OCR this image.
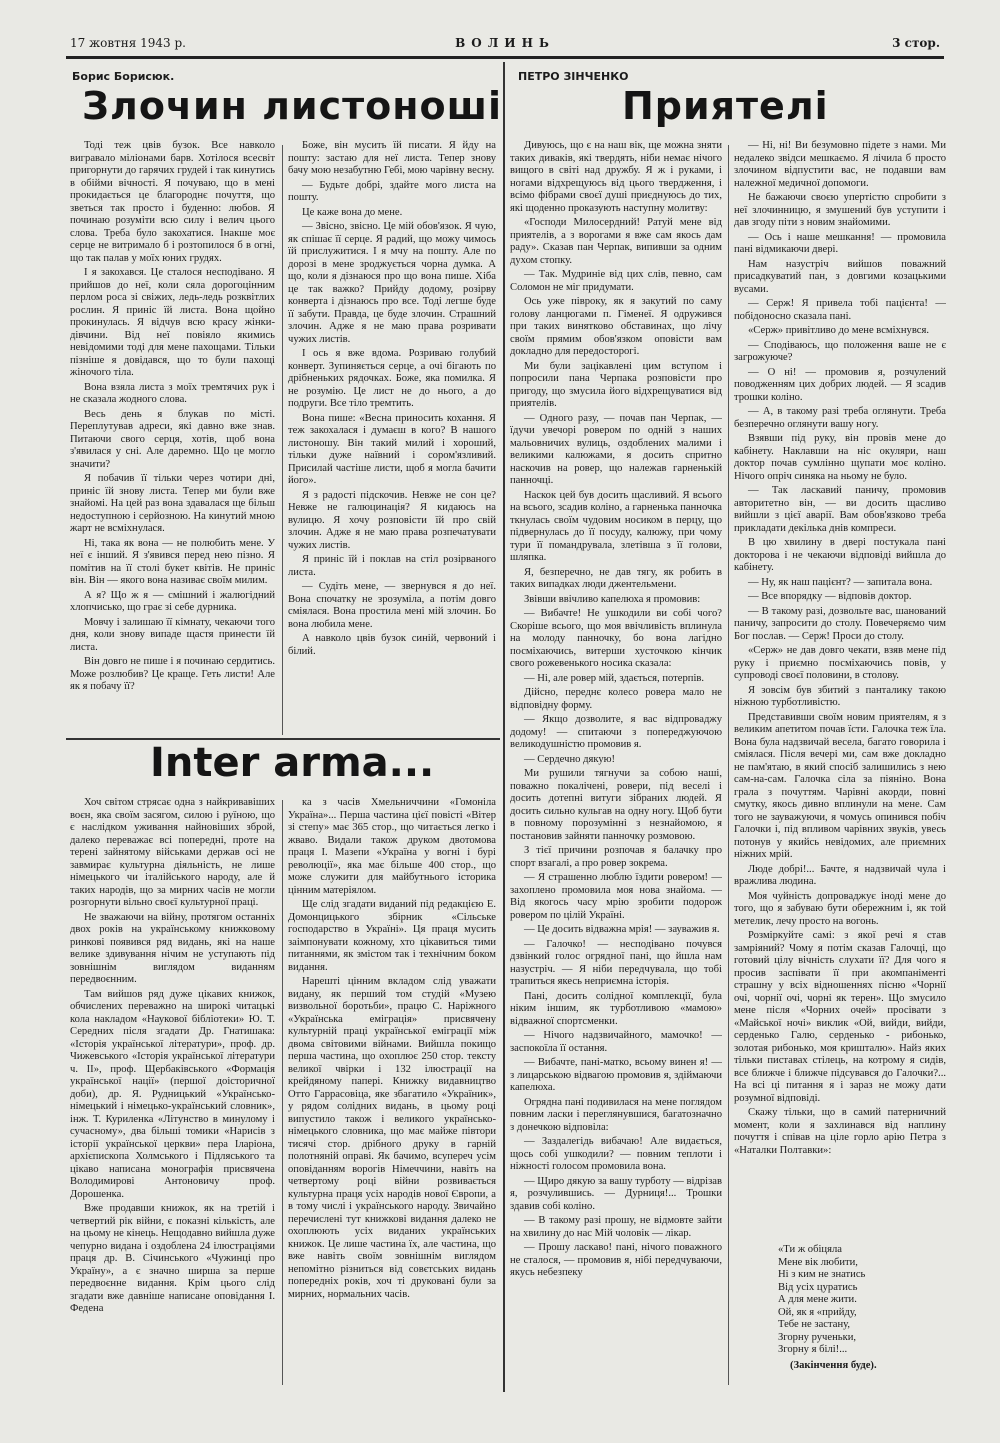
17 жовтня 1943 р.	ВОЛИНЬ	3 стор.
Борис Борисюк.
Злочин листоноші

Тоді теж цвів бузок. Все навколо вигравало міліонами барв. Хотілося всесвіт пригорнути до гарячих грудей і так кинутись в обійми вічності. Я почуваю, що в мені прокидається це благороднє почуття, що зветься так просто і буденно: любов. Я починаю розуміти всю силу і велич цього слова. Треба було закохатися. Інакше моє серце не витримало б і розтопилося б в огні, що так палав у моїх юних грудях.

І я закохався. Це сталося несподівано. Я прийшов до неї, коли сяла дорогоцінним перлом роса зі свіжих, ледь-ледь розквітлих рослин. Я приніс їй листа. Вона щойно прокинулась. Я відчув всю красу жінки-дівчини. Від неї повіяло якимись невідомими тоді для мене пахощами. Тільки пізніше я довідався, що то були пахощі жіночого тіла.

Вона взяла листа з моїх тремтячих рук і не сказала жодного слова.

Весь день я блукав по місті. Переплутував адреси, які давно вже знав. Питаючи свого серця, хотів, щоб вона з'явилася у сні. Але даремно. Що це могло значити?

Я побачив її тільки через чотири дні, приніс їй знову листа. Тепер ми були вже знайомі. На цей раз вона здавалася ще більш недоступною і серйозною. На кинутий мною жарт не всміхнулася.

Ні, така як вона — не полюбить мене. У неї є інший. Я з'явився перед нею пізно. Я помітив на її столі букет квітів. Не приніс він. Він — якого вона називає своїм милим.

А я? Що ж я — смішний і жалюгідний хлопчисько, що грає зі себе дурника.

Мовчу і залишаю її кімнату, чекаючи того дня, коли знову випаде щастя принести їй листа.

Він довго не пише і я починаю сердитись. Може розлюбив? Це краще. Геть листи! Але як я побачу її?

Боже, він мусить їй писати. Я йду на пошту: застаю для неї листа. Тепер знову бачу мою незабутню Гебі, мою чарівну весну.

— Будьте добрі, здайте мого листа на пошту.

Це каже вона до мене.

— Звісно, звісно. Це мій обов'язок. Я чую, як спішає її серце. Я радий, що можу чимось їй прислужитися. І я мчу на пошту. Але по дорозі в мене зроджується чорна думка. А що, коли я дізнаюся про що вона пише. Хіба це так важко? Прийду додому, розірву конверта і дізнаюсь про все. Тоді легше буде її забути. Правда, це буде злочин. Страшний злочин. Адже я не маю права розривати чужих листів.

І ось я вже вдома. Розриваю голубий конверт. Зупиняється серце, а очі бігають по дрібненьких рядочках. Боже, яка помилка. Я не розумію. Це лист не до нього, а до подруги. Все тіло тремтить.

Вона пише: «Весна приносить кохання. Я теж закохалася і думаєш в кого? В нашого листоношу. Він такий милий і хороший, тільки дуже наївний і сором'язливий. Присилай частіше листи, щоб я могла бачити його».

Я з радості підскочив. Невже не сон це? Невже не галюцинація? Я кидаюсь на вулицю. Я хочу розповісти їй про свій злочин. Адже я не маю права розпечатувати чужих листів.

Я приніс їй і поклав на стіл розірваного листа.

— Судіть мене, — звернувся я до неї. Вона спочатку не зрозуміла, а потім довго сміялася. Вона простила мені мій злочин. Бо вона любила мене.

А навколо цвів бузок синій, червоний і білий.

Inter arma...

Хоч світом стрясає одна з найкривавіших воєн, яка своїм засягом, силою і руїною, що є наслідком уживання найновіших зброй, далеко переважає всі попередні, проте на терені зайнятому військами держав осі не завмирає культурна діяльність, не лише німецького чи італійського народу, але й таких народів, що за мирних часів не могли розгорнути вільно своєї культурної праці.

Не зважаючи на війну, протягом останніх двох років на українському книжковому ринкові появився ряд видань, які на наше велике здивування нічим не уступають під зовнішнім виглядом виданням передвоєнним.

Там вийшов ряд дуже цікавих книжок, обчислених переважно на широкі читацькі кола накладом «Наукової бібліотеки» Ю. Т. Середних після згадати Др. Гнатишака: «Історія української літератури», проф. др. Чижевського «Історія української літератури ч. ІІ», проф. Щербаківського «Формація української нації» (першої доісторичної доби), др. Я. Рудницький «Українсько-німецький і німецько-український словник», інж. Т. Куриленка «Літунство в минулому і сучасному», два більші томики «Нарисів з історії української церкви» пера Іларіона, архієпископа Холмського і Підляського та цікаво написана монографія присвячена Володимирові Антоновичу проф. Дорошенка.

Вже продавши книжок, як на третій і четвертий рік війни, є показні кількість, але на цьому не кінець. Нещодавно вийшла дуже чепурно видана і оздоблена 24 ілюстраціями праця др. В. Січинського «Чужинці про Україну», а є значно ширша за перше передвоєнне видання. Крім цього слід згадати вже давніше написане оповідання І. Федена

ка з часів Хмельниччини «Гомоніла Україна»... Перша частина цієї повісті «Вітер зі степу» має 365 стор., що читається легко і жваво. Видали також друком двотомова праця І. Мазепи «Україна у вогні і бурі революції», яка має більше 400 стор., що може служити для майбутнього історика цінним матеріялом.

Ще слід згадати виданий під редакцією Е. Домонцицького збірник «Сільське господарство в Україні». Ця праця мусить заімпонувати кожному, хто цікавиться тими питаннями, як змістом так і технічним боком видання.

Нарешті цінним вкладом слід уважати видану, як перший том студій «Музею визвольної боротьби», працю С. Наріжного «Українська еміграція» присвячену культурній праці української еміграції між двома світовими війнами. Вийшла покищо перша частина, що охоплює 250 стор. тексту великої чвірки і 132 ілюстрації на крейдяному папері. Книжку видавництво Отто Гаррасовіца, яке збагатило «Україник», у рядом солідних видань, в цьому році випустило також і великого українсько-німецького словника, що має майже півтори тисячі стор. дрібного друку в гарній полотняній оправі. Як бачимо, всупереч усім оповіданням ворогів Німеччини, навіть на четвертому році війни розвивається культурна праця усіх народів нової Європи, а в тому числі і українського народу. Звичайно перечислені тут книжкові видання далеко не охоплюють усіх виданих українських книжок. Це лише частина їх, але частина, що вже навіть своїм зовнішнім виглядом непомітно різниться від совєтських видань попередніх років, хоч ті друковані були за мирних, нормальних часів.

ПЕТРО ЗІНЧЕНКО
Приятелі

Дивуюсь, що є на наш вік, ще можна зняти таких диваків, які твердять, ніби немає нічого вищого в світі над дружбу. Я ж і руками, і ногами відхрещуюсь від цього твердження, і всімо фібрами своєї душі приєднуюсь до тих, які щоденно проказують наступну молитву:

«Господи Милосердний! Ратуй мене від приятелів, а з ворогами я вже сам якось дам раду». Сказав пан Черпак, випивши за одним духом стопку.

— Так. Мудриніе від цих слів, певно, сам Соломон не міг придумати.

Ось уже півроку, як я закутий по саму голову ланцюгами п. Гіменеї. Я одружився при таких винятково обставинах, що лічу своїм прямим обов'язком оповісти вам докладно для передосторогі.

Ми були зацікавлені цим вступом і попросили пана Черпака розповісти про пригоду, що змусила його відхрещуватися від приятелів.

— Одного разу, — почав пан Черпак, — їдучи увечорі ровером по одній з наших мальовничих вулиць, оздоблених малими і великими калюжами, я досить спритно наскочив на ровер, що належав гарненькій панночці.

Наскок цей був досить щасливий. Я всього на всього, зсадив коліно, а гарненька панночка ткнулась своїм чудовим носиком в перцу, що підвернулась до її посуду, калюжу, при чому тури її помандрувала, злетівша з її голови, шляпка.

Я, безперечно, не дав тягу, як робить в таких випадках люди джентельмени.

Звівши ввічливо капелюха я промовив:

— Вибачте! Не ушкодили ви собі чого? Скоріше всього, що моя ввічливість вплинула на молоду панночку, бо вона лагідно посміхаючись, витерши хусточкою кінчик свого рожевенького носика сказала:

— Ні, але ровер мій, здається, потерпів.

Дійсно, переднє колесо ровера мало не відповідну форму.

— Якщо дозволите, я вас відпроваджу додому! — спитаючи з попереджуючою великодушністю промовив я.

— Сердечно дякую!

Ми рушили тягнучи за собою наші, поважно покалічені, ровери, під веселі і досить дотепні витуги зібраних людей. Я досить сильно кульгав на одну ногу. Щоб бути в повному порозумінні з незнайомою, я постановив зайняти панночку розмовою.

З тієї причини розпочав я балачку про спорт взагалі, а про ровер зокрема.

— Я страшенно люблю їздити ровером! — захоплено промовила моя нова знайома. — Від якогось часу мрію зробити подорож ровером по цілій Україні.

— Це досить відважна мрія! — зауважив я.

— Галочко! — несподівано почувся дзвінкий голос огрядної пані, що йшла нам назустріч. — Я ніби передчувала, що тобі трапиться якесь неприємна історія.

Пані, досить солідної комплекції, була ніким іншим, як турботливою «мамою» відважної спортсменки.

— Нічого надзвичайного, мамочко! — заспокоїла її остання.

— Вибачте, пані-матко, всьому винен я! — з лицарською відвагою промовив я, здіймаючи капелюха.

Огрядна пані подивилася на мене поглядом повним ласки і переглянувшися, багатозначно з донечкою відповіла:

— Заздалегідь вибачаю! Але видається, щось собі ушкодили? — повним теплоти і ніжності голосом промовила вона.

— Щиро дякую за вашу турботу — відрізав я, розчулившись. — Дурниця!... Трошки здавив собі коліно.

— В такому разі прошу, не відмовте зайти на хвилину до нас Мій чоловік — лікар.

— Прошу ласкаво! пані, нічого поважного не сталося, — промовив я, нібі передчуваючи, якусь небезпеку

— Ні, ні! Ви безумовно підете з нами. Ми недалеко звідси мешкаємо. Я лічила б просто злочином відпустити вас, не подавши вам належної медичної допомоги.

Не бажаючи своєю упертістю спробити з неї злочинницю, я змушений був уступити і дав згоду піти з новим знайомими.

— Ось і наше мешкання! — промовила пані відмикаючи двері.

Нам назустріч вийшов поважний присадкуватий пан, з довгими козацькими вусами.

— Серж! Я привела тобі пацієнта! — побідоносно сказала пані.

«Серж» привітливо до мене всміхнувся.

— Сподіваюсь, що положення вашe не є загрожуюче?

— О ні! — промовив я, розчулений поводженням цих добрих людей. — Я зсадив трошки коліно.

— А, в такому разі треба оглянути. Треба безперечно оглянути вашу ногу.

Взявши під руку, він провів мене до кабінету. Наклавши на ніс окуляри, наш доктор почав сумлінно щупати моє коліно. Нічого опріч синяка на ньому не було.

— Так ласкавий паничу, промовив авторитетно він, — ви досить щасливо вийшли з цієї аварії. Вам обов'язково треба прикладати декілька днів компреси.

В цю хвилину в двері постукала пані докторова і не чекаючи відповіді вийшла до кабінету.

— Ну, як наш пацієнт? — запитала вона.

— Все впорядку — відповів доктор.

— В такому разі, дозвольте вас, шанований паничу, запросити до столу. Повечеряємо чим Бог послав. — Серж! Проси до столу.

«Серж» не дав довго чекати, взяв мене під руку і приємно посміхаючись повів, у супроводі своєї половини, в столову.

Я зовсім був збитий з панталику такою ніжною турботливістю.

Представивши своїм новим приятелям, я з великим апетитом почав їсти. Галочка теж їла. Вона була надзвичай весела, багато говорила і сміялася. Після вечері ми, сам вже докладно не пам'ятаю, в який спосіб залишились з нею сам-на-сам. Галочка сіла за піяніно. Вона грала з почуттям. Чарівні акорди, повні смутку, якось дивно вплинули на мене. Сам того не зауважуючи, я чомусь опинився побіч Галочки і, під впливом чарівних звуків, увесь потонув у якийсь невідомих, але приємних ніжних мрій.

Люде добрі!... Бачте, я надзвичай чула і вражлива людина.

Моя чуйність допроваджує іноді мене до того, що я забуваю бути обережним і, як той метелик, лечу просто на вогонь.

Розміркуйте самі: з якої речі я став замріяний? Чому я потім сказав Галочці, що готовий цілу вічність слухати її? Для чого я просив заспівати її при акомпаніменті страшну у всіх відношеннях пісню «Чорнії очі, чорнії очі, чорні як терен». Що змусило мене після «Чорних очей» просівати з «Майської ночі» виклик «Ой, вийди, вийди, серденько Галю, серденько - рибонько, золотая рибонько, моя кришталю». Найз яких тільки пиставах стілець, на котрому я сидів, все ближче і ближче підсувався до Галочки?... На всі ці питання я і зараз не можу дати розумної відповіді.

Скажу тільки, що в самий патерничний момент, коли я захлинався від наплину почуття і співав на ціле горло арію Петра з «Наталки Полтавки»:

«Ти ж обіцяла
Мене вік любити,
Ні з ким не знатись
Від усіх цуратись
А для мене жити.
Ой, як я «прийду,
Тебе не застану,
Згорну рученьки,
Згорну я білі!...
(Закінчення буде).
